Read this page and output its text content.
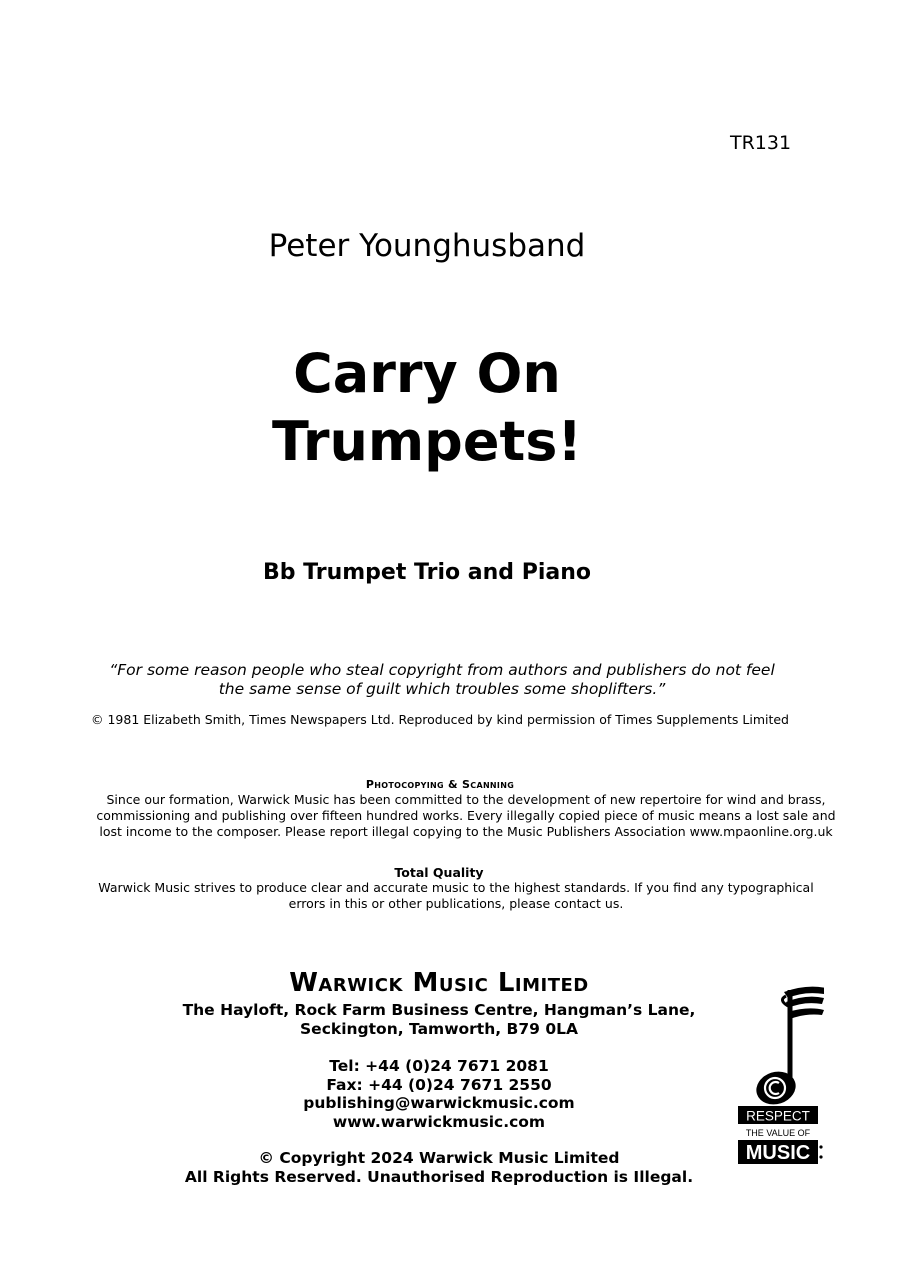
TR131
Peter Younghusband
Carry On
Trumpets!
Bb Trumpet Trio and Piano
“For some reason people who steal copyright from authors and publishers do not feel
the same sense of guilt which troubles some shoplifters.”
© 1981 Elizabeth Smith, Times Newspapers Ltd. Reproduced by kind permission of Times Supplements Limited
Photocopying & Scanning
Since our formation, Warwick Music has been committed to the development of new repertoire for wind and brass,
commissioning and publishing over fifteen hundred works. Every illegally copied piece of music means a lost sale and
lost income to the composer. Please report illegal copying to the Music Publishers Association www.mpaonline.org.uk
Total Quality
Warwick Music strives to produce clear and accurate music to the highest standards. If you find any typographical
errors in this or other publications, please contact us.
Warwick Music Limited
The Hayloft, Rock Farm Business Centre, Hangman’s Lane,
Seckington, Tamworth, B79 0LA
Tel: +44 (0)24 7671 2081
Fax: +44 (0)24 7671 2550
publishing@warwickmusic.com
www.warwickmusic.com
© Copyright 2024 Warwick Music Limited
All Rights Reserved. Unauthorised Reproduction is Illegal.
RESPECT
THE VALUE OF
MUSIC
